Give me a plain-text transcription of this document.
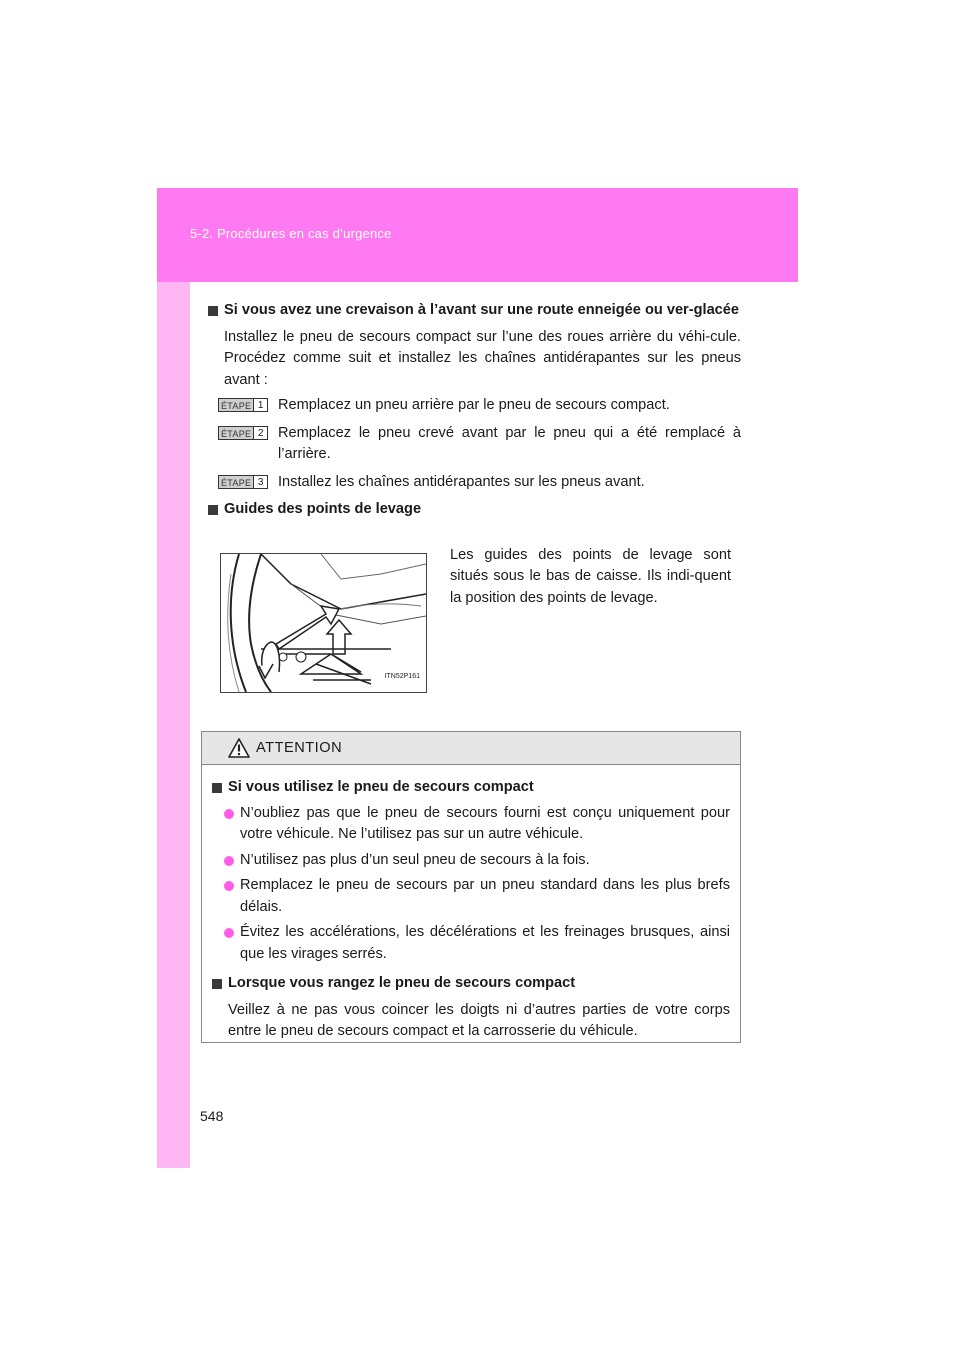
5-2. Procédures en cas d’urgence
Si vous avez une crevaison à l’avant sur une route enneigée ou ver-glacée
Installez le pneu de secours compact sur l’une des roues arrière du véhi-cule. Procédez comme suit et installez les chaînes antidérapantes sur les pneus avant :
ÉTAPE 1 Remplacez un pneu arrière par le pneu de secours compact.
ÉTAPE 2 Remplacez le pneu crevé avant par le pneu qui a été remplacé à l’arrière.
ÉTAPE 3 Installez les chaînes antidérapantes sur les pneus avant.
Guides des points de levage
ITN52P161
Les guides des points de levage sont situés sous le bas de caisse. Ils indi-quent la position des points de levage.
ATTENTION
Si vous utilisez le pneu de secours compact
N’oubliez pas que le pneu de secours fourni est conçu uniquement pour votre véhicule. Ne l’utilisez pas sur un autre véhicule.
N’utilisez pas plus d’un seul pneu de secours à la fois.
Remplacez le pneu de secours par un pneu standard dans les plus brefs délais.
Évitez les accélérations, les décélérations et les freinages brusques, ainsi que les virages serrés.
Lorsque vous rangez le pneu de secours compact
Veillez à ne pas vous coincer les doigts ni d’autres parties de votre corps entre le pneu de secours compact et la carrosserie du véhicule.
548
